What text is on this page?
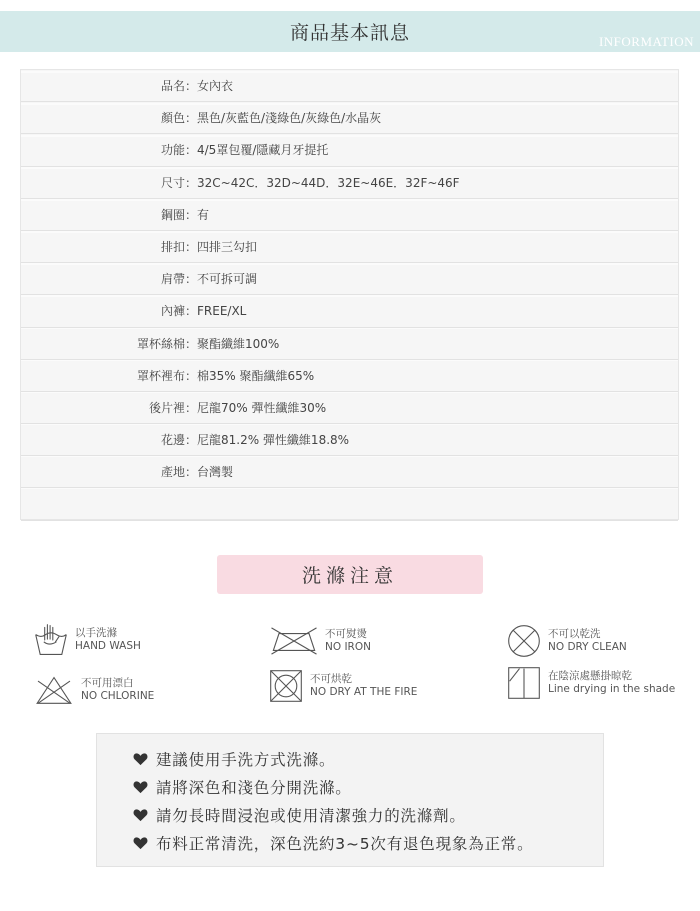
商品基本訊息	INFORMATION
品名 ： 女內衣
顏色 ： 黑色/灰藍色/淺綠色/灰綠色/水晶灰
功能 ： 4/5罩包覆/隱藏月牙提托
尺寸 ： 32C~42C．32D~44D．32E~46E．32F~46F
鋼圈 ： 有
排扣 ： 四排三勾扣
肩帶 ： 不可拆可調
內褲 ： FREE/XL
罩杯絲棉 ： 聚酯纖維100%
罩杯裡布 ： 棉35% 聚酯纖維65%
後片裡 ： 尼龍70% 彈性纖維30%
花邊 ： 尼龍81.2% 彈性纖維18.8%
產地 ： 台灣製
洗滌注意
以手洗滌
HAND WASH
不可熨燙
NO IRON
不可以乾洗
NO DRY CLEAN
不可用漂白
NO CHLORINE
不可烘乾
NO DRY AT THE FIRE
在陰涼處懸掛晾乾
Line drying in the shade
建議使用手洗方式洗滌。
請將深色和淺色分開洗滌。
請勿長時間浸泡或使用清潔強力的洗滌劑。
布料正常清洗，深色洗約3~5次有退色現象為正常。
